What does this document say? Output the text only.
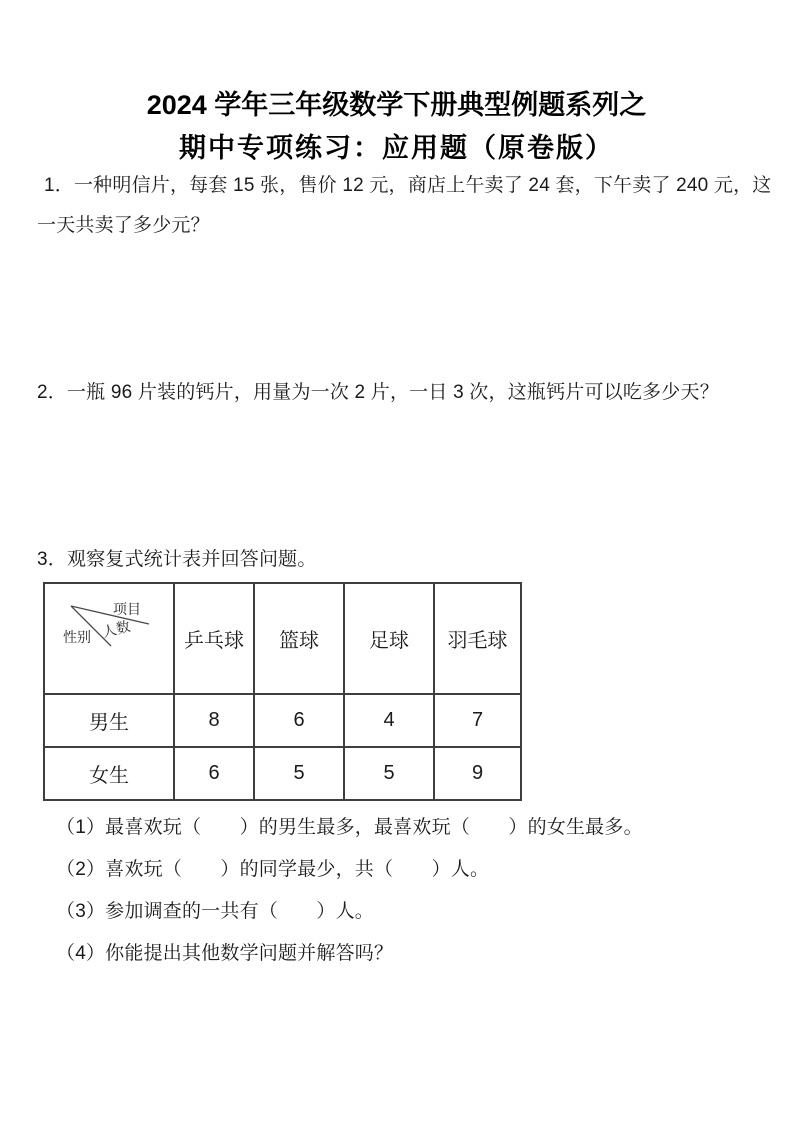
2024 学年三年级数学下册典型例题系列之
期中专项练习：应用题（原卷版）
1．一种明信片，每套 15 张，售价 12 元，商店上午卖了 24 套，下午卖了 240 元，这一天共卖了多少元？
2．一瓶 96 片装的钙片，用量为一次 2 片，一日 3 次，这瓶钙片可以吃多少天？
3．观察复式统计表并回答问题。
项目
人数
性别	乒乓球	篮球	足球	羽毛球
男生	8	6	4	7
女生	6	5	5	9
（1）最喜欢玩（　　）的男生最多，最喜欢玩（　　）的女生最多。
（2）喜欢玩（　　）的同学最少，共（　　）人。
（3）参加调查的一共有（　　）人。
（4）你能提出其他数学问题并解答吗？
